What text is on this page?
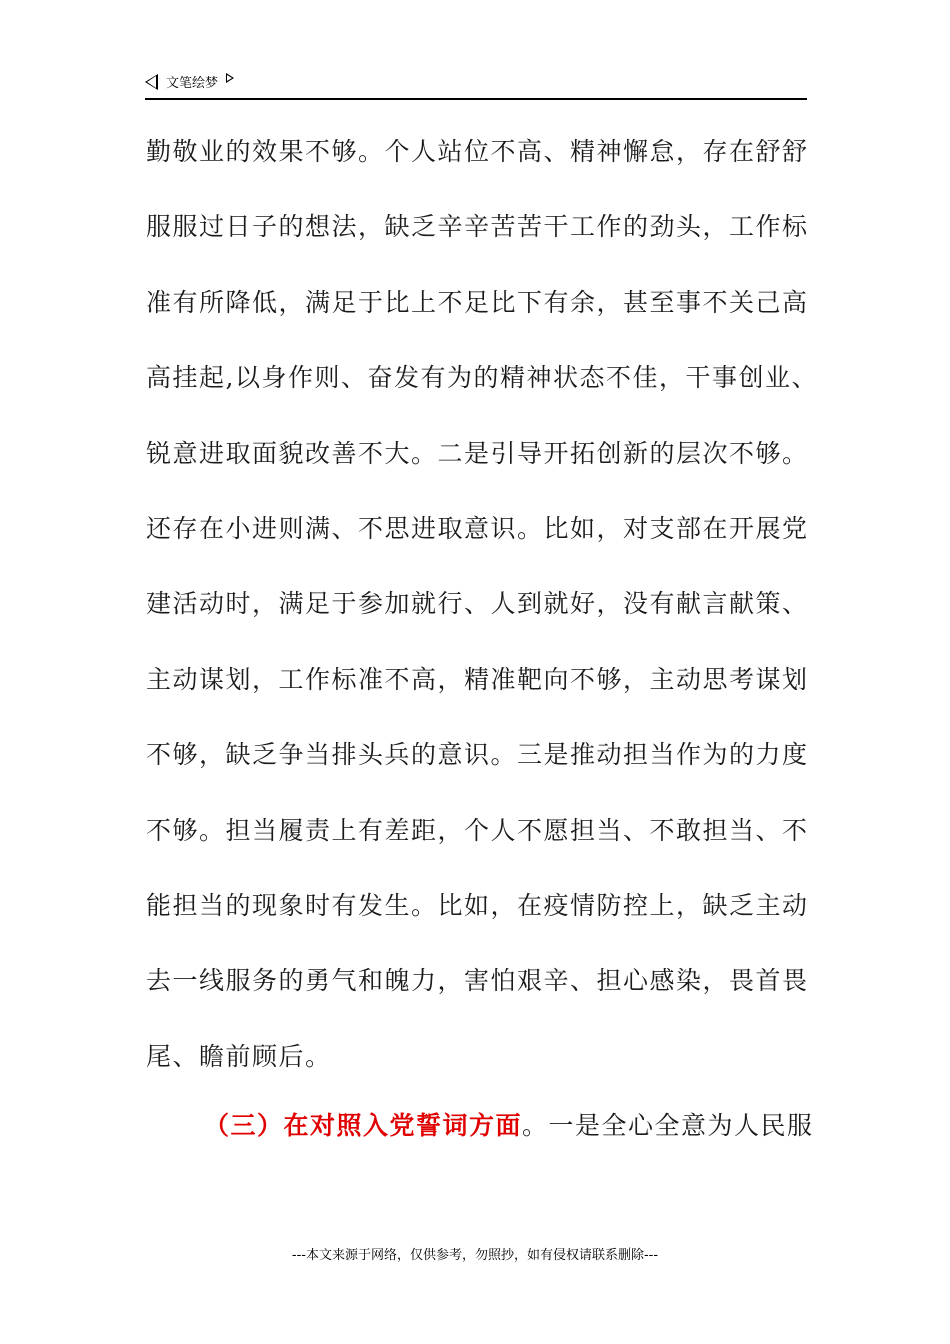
文笔绘梦
勤敬业的效果不够。个人站位不高、精神懈怠，存在舒舒
服服过日子的想法，缺乏辛辛苦苦干工作的劲头，工作标
准有所降低，满足于比上不足比下有余，甚至事不关己高
高挂起,以身作则、奋发有为的精神状态不佳，干事创业、
锐意进取面貌改善不大。二是引导开拓创新的层次不够。
还存在小进则满、不思进取意识。比如，对支部在开展党
建活动时，满足于参加就行、人到就好，没有献言献策、
主动谋划，工作标准不高，精准靶向不够，主动思考谋划
不够，缺乏争当排头兵的意识。三是推动担当作为的力度
不够。担当履责上有差距，个人不愿担当、不敢担当、不
能担当的现象时有发生。比如，在疫情防控上，缺乏主动
去一线服务的勇气和魄力，害怕艰辛、担心感染，畏首畏
尾、瞻前顾后。
（三）在对照入党誓词方面。一是全心全意为人民服
---本文来源于网络，仅供参考，勿照抄，如有侵权请联系删除---
